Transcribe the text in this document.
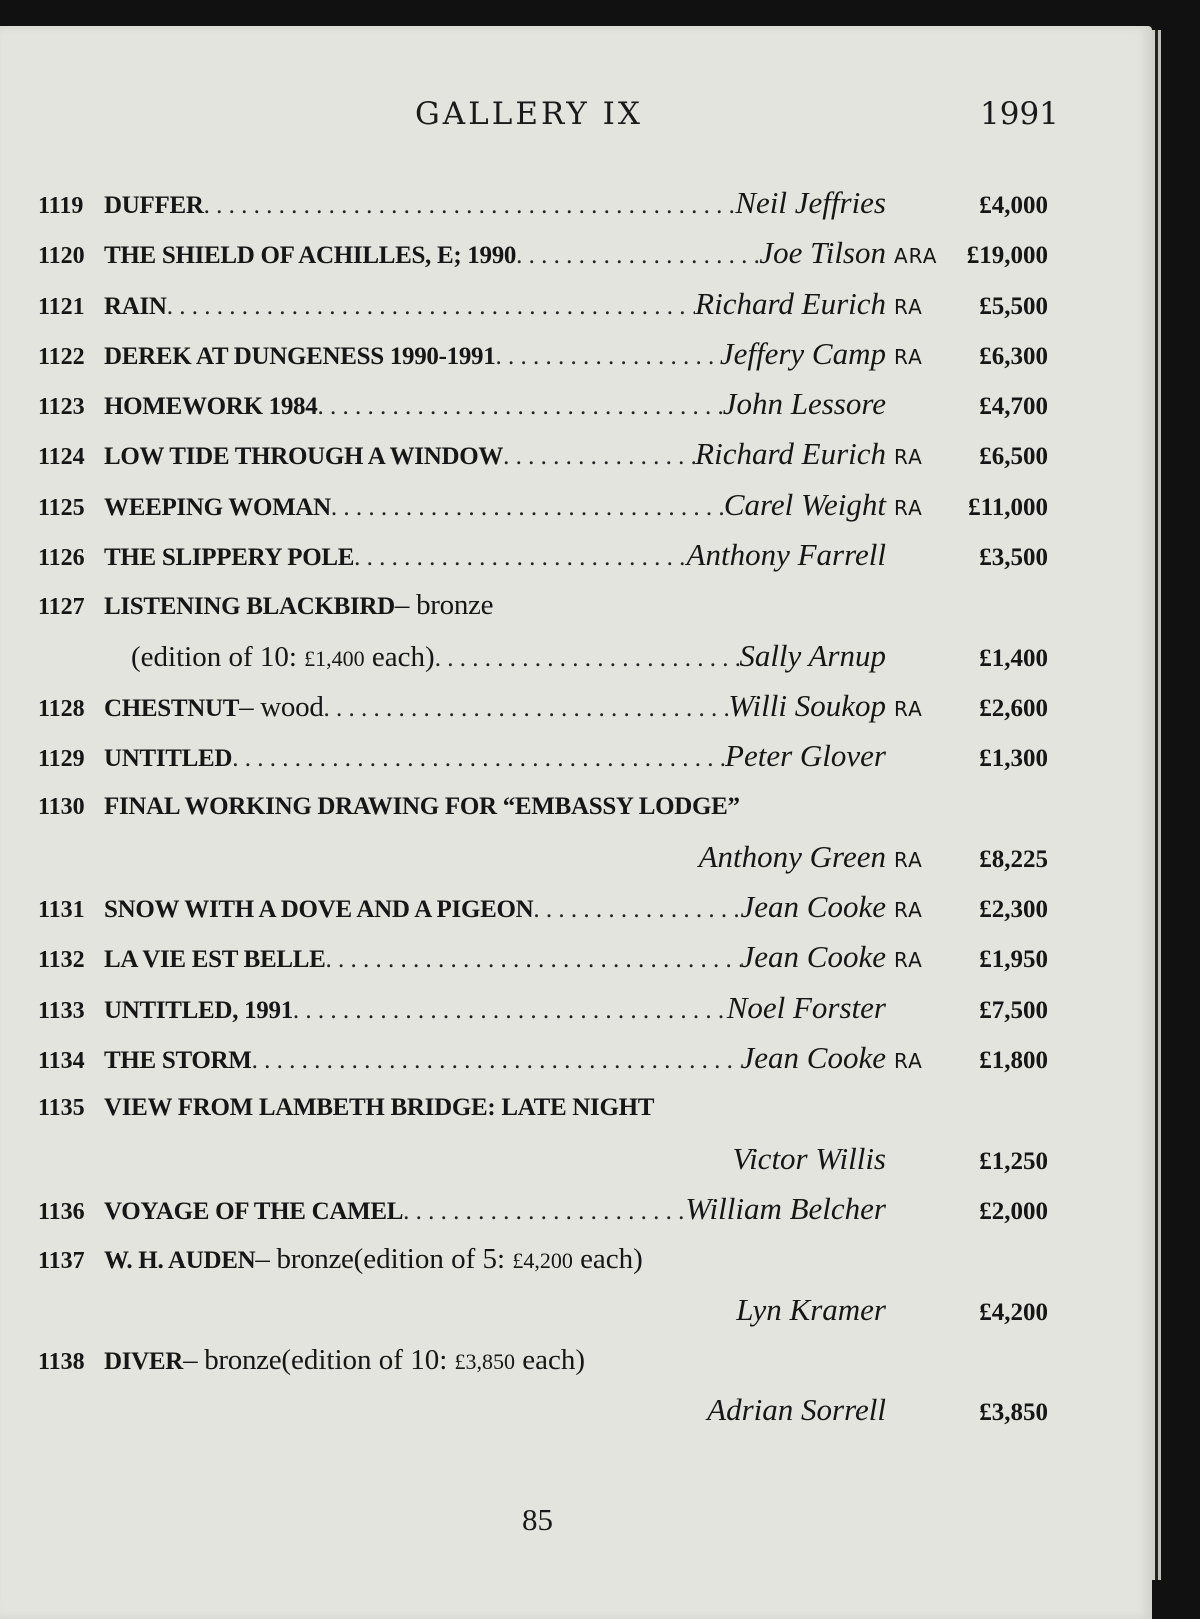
GALLERY IX	1991
1119 DUFFER . . .	Neil Jeffries	£4,000
1120 THE SHIELD OF ACHILLES, E; 1990 . . .	Joe Tilson ARA	£19,000
1121 RAIN . . .	Richard Eurich RA	£5,500
1122 DEREK AT DUNGENESS 1990-1991 . . .	Jeffery Camp RA	£6,300
1123 HOMEWORK 1984 . . .	John Lessore	£4,700
1124 LOW TIDE THROUGH A WINDOW . . .	Richard Eurich RA	£6,500
1125 WEEPING WOMAN . . .	Carel Weight RA	£11,000
1126 THE SLIPPERY POLE . . .	Anthony Farrell	£3,500
1127 LISTENING BLACKBIRD – bronze
(edition of 10: £1,400 each) . . .	Sally Arnup	£1,400
1128 CHESTNUT – wood . . .	Willi Soukop RA	£2,600
1129 UNTITLED . . .	Peter Glover	£1,300
1130 FINAL WORKING DRAWING FOR “EMBASSY LODGE”
Anthony Green RA	£8,225
1131 SNOW WITH A DOVE AND A PIGEON . . .	Jean Cooke RA	£2,300
1132 LA VIE EST BELLE . . .	Jean Cooke RA	£1,950
1133 UNTITLED, 1991 . . .	Noel Forster	£7,500
1134 THE STORM . . .	Jean Cooke RA	£1,800
1135 VIEW FROM LAMBETH BRIDGE: LATE NIGHT
Victor Willis	£1,250
1136 VOYAGE OF THE CAMEL . . .	William Belcher	£2,000
1137 W. H. AUDEN – bronze (edition of 5: £4,200 each)
Lyn Kramer	£4,200
1138 DIVER – bronze (edition of 10: £3,850 each)
Adrian Sorrell	£3,850
85
